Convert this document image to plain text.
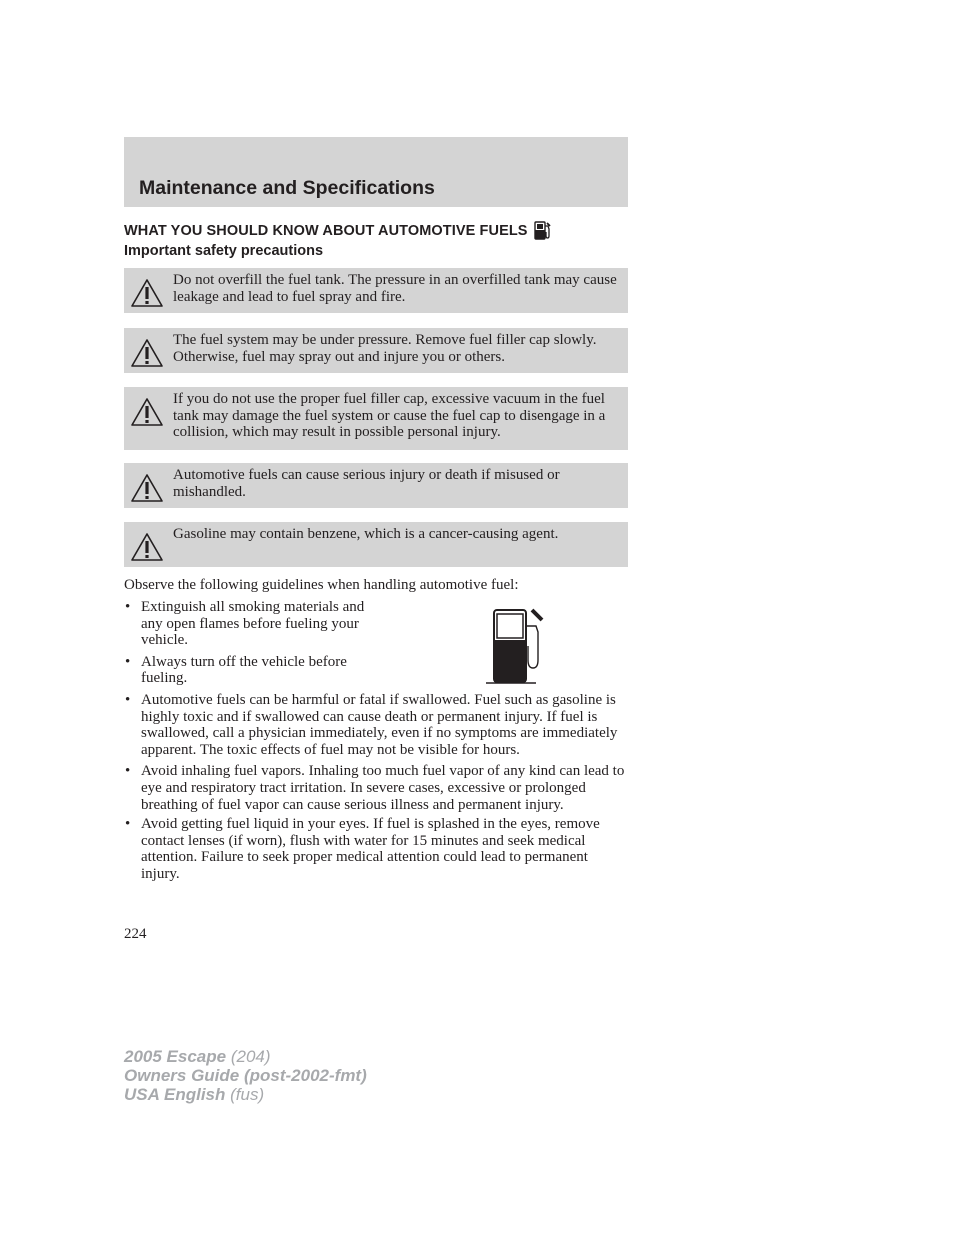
Maintenance and Specifications
WHAT YOU SHOULD KNOW ABOUT AUTOMOTIVE FUELS
Important safety precautions
Do not overfill the fuel tank. The pressure in an overfilled tank may cause leakage and lead to fuel spray and fire.
The fuel system may be under pressure. Remove fuel filler cap slowly. Otherwise, fuel may spray out and injure you or others.
If you do not use the proper fuel filler cap, excessive vacuum in the fuel tank may damage the fuel system or cause the fuel cap to disengage in a collision, which may result in possible personal injury.
Automotive fuels can cause serious injury or death if misused or mishandled.
Gasoline may contain benzene, which is a cancer-causing agent.

Observe the following guidelines when handling automotive fuel:

• Extinguish all smoking materials and any open flames before fueling your vehicle.
• Always turn off the vehicle before fueling.
• Automotive fuels can be harmful or fatal if swallowed. Fuel such as gasoline is highly toxic and if swallowed can cause death or permanent injury. If fuel is swallowed, call a physician immediately, even if no symptoms are immediately apparent. The toxic effects of fuel may not be visible for hours.
• Avoid inhaling fuel vapors. Inhaling too much fuel vapor of any kind can lead to eye and respiratory tract irritation. In severe cases, excessive or prolonged breathing of fuel vapor can cause serious illness and permanent injury.
• Avoid getting fuel liquid in your eyes. If fuel is splashed in the eyes, remove contact lenses (if worn), flush with water for 15 minutes and seek medical attention. Failure to seek proper medical attention could lead to permanent injury.

224

2005 Escape (204)
Owners Guide (post-2002-fmt)
USA English (fus)
